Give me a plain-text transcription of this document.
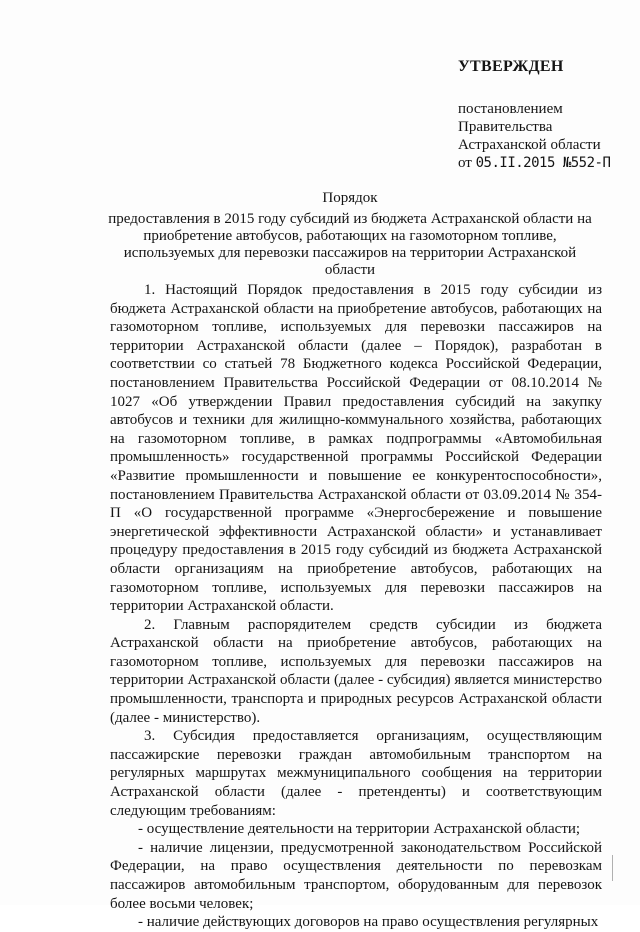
УТВЕРЖДЕН
постановлением
Правительства
Астраханской области
от 05.II.2015 №552-П
Порядок
предоставления в 2015 году субсидий из бюджета Астраханской области на приобретение автобусов, работающих на газомоторном топливе, используемых для перевозки пассажиров на территории Астраханской области

1. Настоящий Порядок предоставления в 2015 году субсидии из бюджета Астраханской области на приобретение автобусов, работающих на газомоторном топливе, используемых для перевозки пассажиров на территории Астраханской области (далее – Порядок), разработан в соответствии со статьей 78 Бюджетного кодекса Российской Федерации, постановлением Правительства Российской Федерации от 08.10.2014 № 1027 «Об утверждении Правил предоставления субсидий на закупку автобусов и техники для жилищно-коммунального хозяйства, работающих на газомоторном топливе, в рамках подпрограммы «Автомобильная промышленность» государственной программы Российской Федерации «Развитие промышленности и повышение ее конкурентоспособности», постановлением Правительства Астраханской области от 03.09.2014 № 354-П «О государственной программе «Энергосбережение и повышение энергетической эффективности Астраханской области» и устанавливает процедуру предоставления в 2015 году субсидий из бюджета Астраханской области организациям на приобретение автобусов, работающих на газомоторном топливе, используемых для перевозки пассажиров на территории Астраханской области.

2. Главным распорядителем средств субсидии из бюджета Астраханской области на приобретение автобусов, работающих на газомоторном топливе, используемых для перевозки пассажиров на территории Астраханской области (далее - субсидия) является министерство промышленности, транспорта и природных ресурсов Астраханской области (далее - министерство).

3. Субсидия предоставляется организациям, осуществляющим пассажирские перевозки граждан автомобильным транспортом на регулярных маршрутах межмуниципального сообщения на территории Астраханской области (далее - претенденты) и соответствующим следующим требованиям:

- осуществление деятельности на территории Астраханской области;

- наличие лицензии, предусмотренной законодательством Российской Федерации, на право осуществления деятельности по перевозкам пассажиров автомобильным транспортом, оборудованным для перевозок более восьми человек;

- наличие действующих договоров на право осуществления регулярных
